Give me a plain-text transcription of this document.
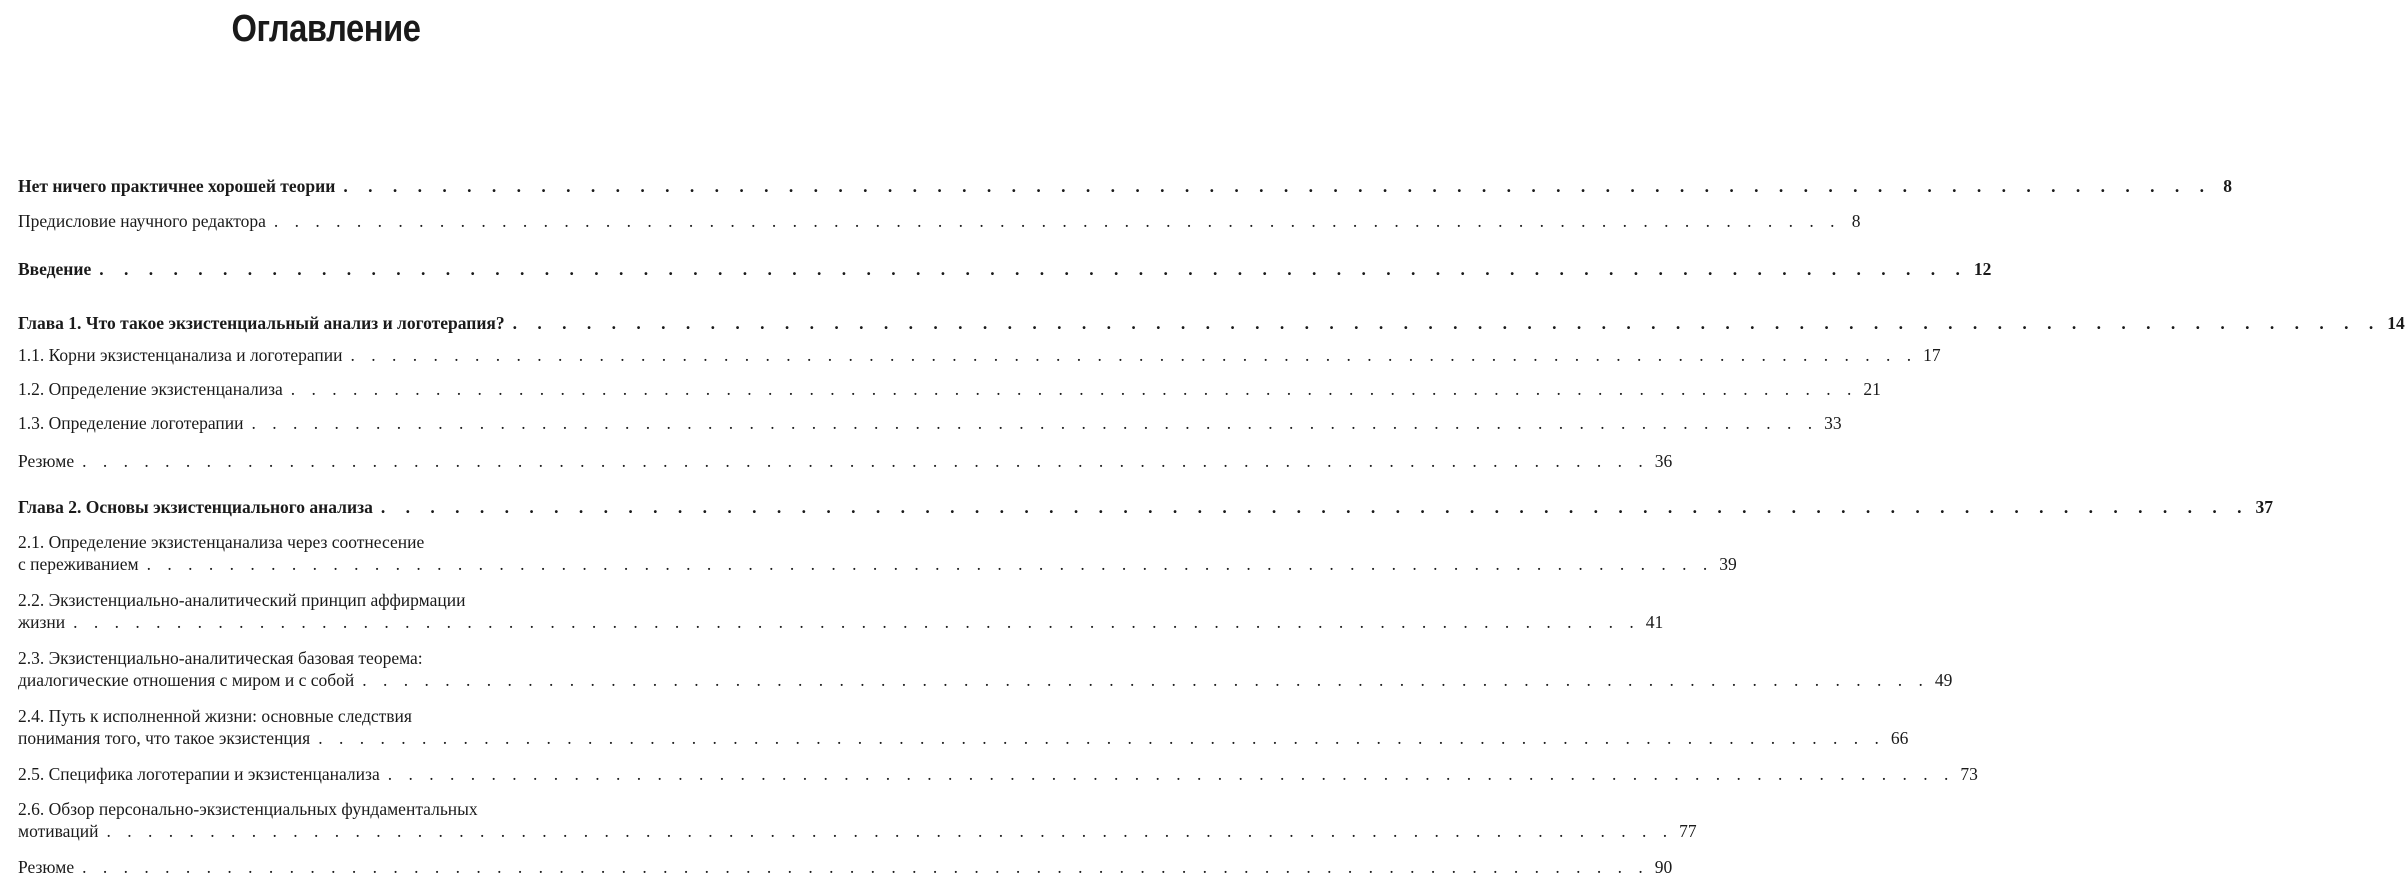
Оглавление
Нет ничего практичнее хорошей теории . . . . . . . . . . . . . . . . . . . . . . . . . . . . . . . . . . . . . . . . . . . . . . . . . . . . . . . . . . . . . . . . . . . . . . . . . . . . 8
Предисловие научного редактора . . . . . . . . . . . . . . . . . . . . . . . . . . . . . . . . . . . . . . . . . . . . . . . . . . . . . . . . . . . . . . . . . . . . . . . . . . . . 8
Введение . . . . . . . . . . . . . . . . . . . . . . . . . . . . . . . . . . . . . . . . . . . . . . . . . . . . . . . . . . . . . . . . . . . . . . . . . . . . 12
Глава 1. Что такое экзистенциальный анализ и логотерапия? . . . . . . . . . . . . . . . . . . . . . . . . . . . . . . . . . . . . . . . . . . . . . . . . . . . . . . . . . . . . . . . . . . . . . . . . . . . . 14
1.1. Корни экзистенцанализа и логотерапии . . . . . . . . . . . . . . . . . . . . . . . . . . . . . . . . . . . . . . . . . . . . . . . . . . . . . . . . . . . . . . . . . . . . . . . . . . . . 17
1.2. Определение экзистенцанализа . . . . . . . . . . . . . . . . . . . . . . . . . . . . . . . . . . . . . . . . . . . . . . . . . . . . . . . . . . . . . . . . . . . . . . . . . . . . 21
1.3. Определение логотерапии . . . . . . . . . . . . . . . . . . . . . . . . . . . . . . . . . . . . . . . . . . . . . . . . . . . . . . . . . . . . . . . . . . . . . . . . . . . . 33
Резюме . . . . . . . . . . . . . . . . . . . . . . . . . . . . . . . . . . . . . . . . . . . . . . . . . . . . . . . . . . . . . . . . . . . . . . . . . . . . 36
Глава 2. Основы экзистенциального анализа . . . . . . . . . . . . . . . . . . . . . . . . . . . . . . . . . . . . . . . . . . . . . . . . . . . . . . . . . . . . . . . . . . . . . . . . . . . . 37
2.1. Определение экзистенцанализа через соотнесение
с переживанием . . . . . . . . . . . . . . . . . . . . . . . . . . . . . . . . . . . . . . . . . . . . . . . . . . . . . . . . . . . . . . . . . . . . . . . . . . . . 39
2.2. Экзистенциально-аналитический принцип аффирмации
жизни . . . . . . . . . . . . . . . . . . . . . . . . . . . . . . . . . . . . . . . . . . . . . . . . . . . . . . . . . . . . . . . . . . . . . . . . . . . . 41
2.3. Экзистенциально-аналитическая базовая теорема:
диалогические отношения с миром и с собой . . . . . . . . . . . . . . . . . . . . . . . . . . . . . . . . . . . . . . . . . . . . . . . . . . . . . . . . . . . . . . . . . . . . . . . . . . . . 49
2.4. Путь к исполненной жизни: основные следствия
понимания того, что такое экзистенция . . . . . . . . . . . . . . . . . . . . . . . . . . . . . . . . . . . . . . . . . . . . . . . . . . . . . . . . . . . . . . . . . . . . . . . . . . . . 66
2.5. Специфика логотерапии и экзистенцанализа . . . . . . . . . . . . . . . . . . . . . . . . . . . . . . . . . . . . . . . . . . . . . . . . . . . . . . . . . . . . . . . . . . . . . . . . . . . . 73
2.6. Обзор персонально-экзистенциальных фундаментальных
мотиваций . . . . . . . . . . . . . . . . . . . . . . . . . . . . . . . . . . . . . . . . . . . . . . . . . . . . . . . . . . . . . . . . . . . . . . . . . . . . 77
Резюме . . . . . . . . . . . . . . . . . . . . . . . . . . . . . . . . . . . . . . . . . . . . . . . . . . . . . . . . . . . . . . . . . . . . . . . . . . . . 90
